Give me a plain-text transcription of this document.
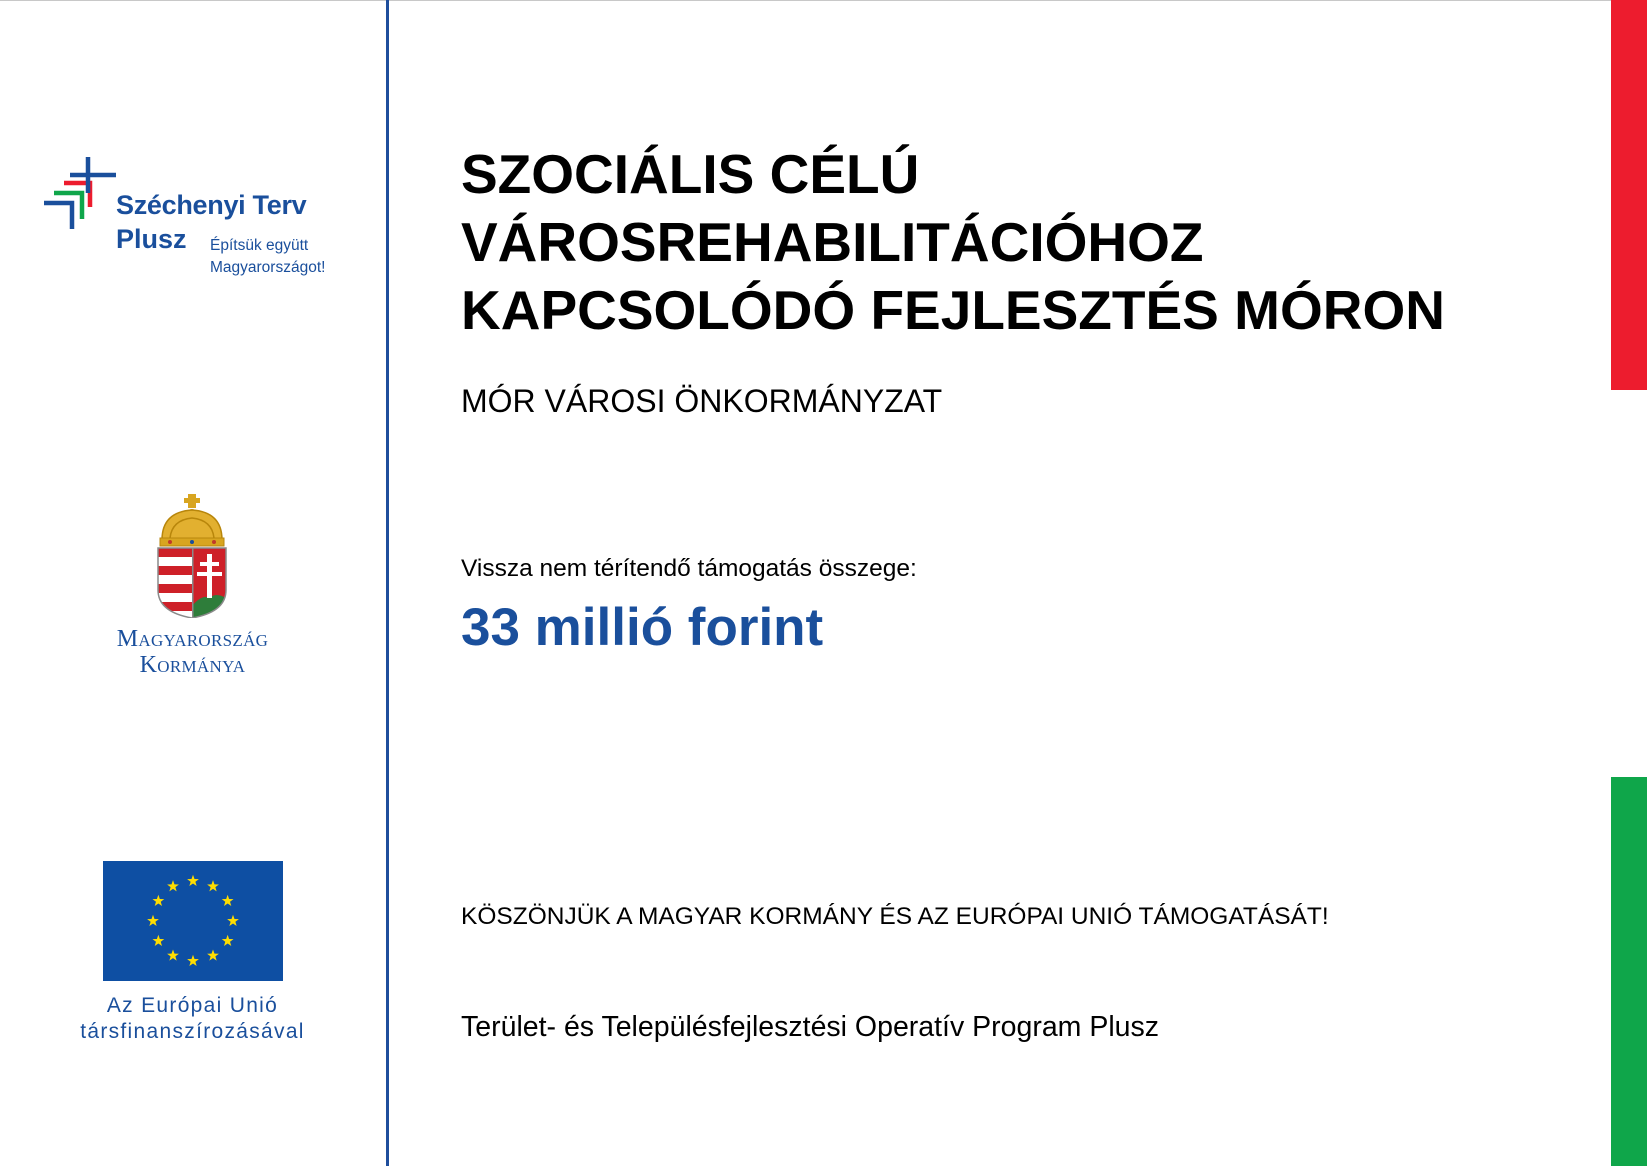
Széchenyi Terv
Plusz Építsük együtt
Magyarországot!
Magyarország
Kormánya
Az Európai Unió
társfinanszírozásával
SZOCIÁLIS CÉLÚ
VÁROSREHABILITÁCIÓHOZ
KAPCSOLÓDÓ FEJLESZTÉS MÓRON
MÓR VÁROSI ÖNKORMÁNYZAT
Vissza nem térítendő támogatás összege:
33 millió forint
KÖSZÖNJÜK A MAGYAR KORMÁNY ÉS AZ EURÓPAI UNIÓ TÁMOGATÁSÁT!
Terület- és Településfejlesztési Operatív Program Plusz
